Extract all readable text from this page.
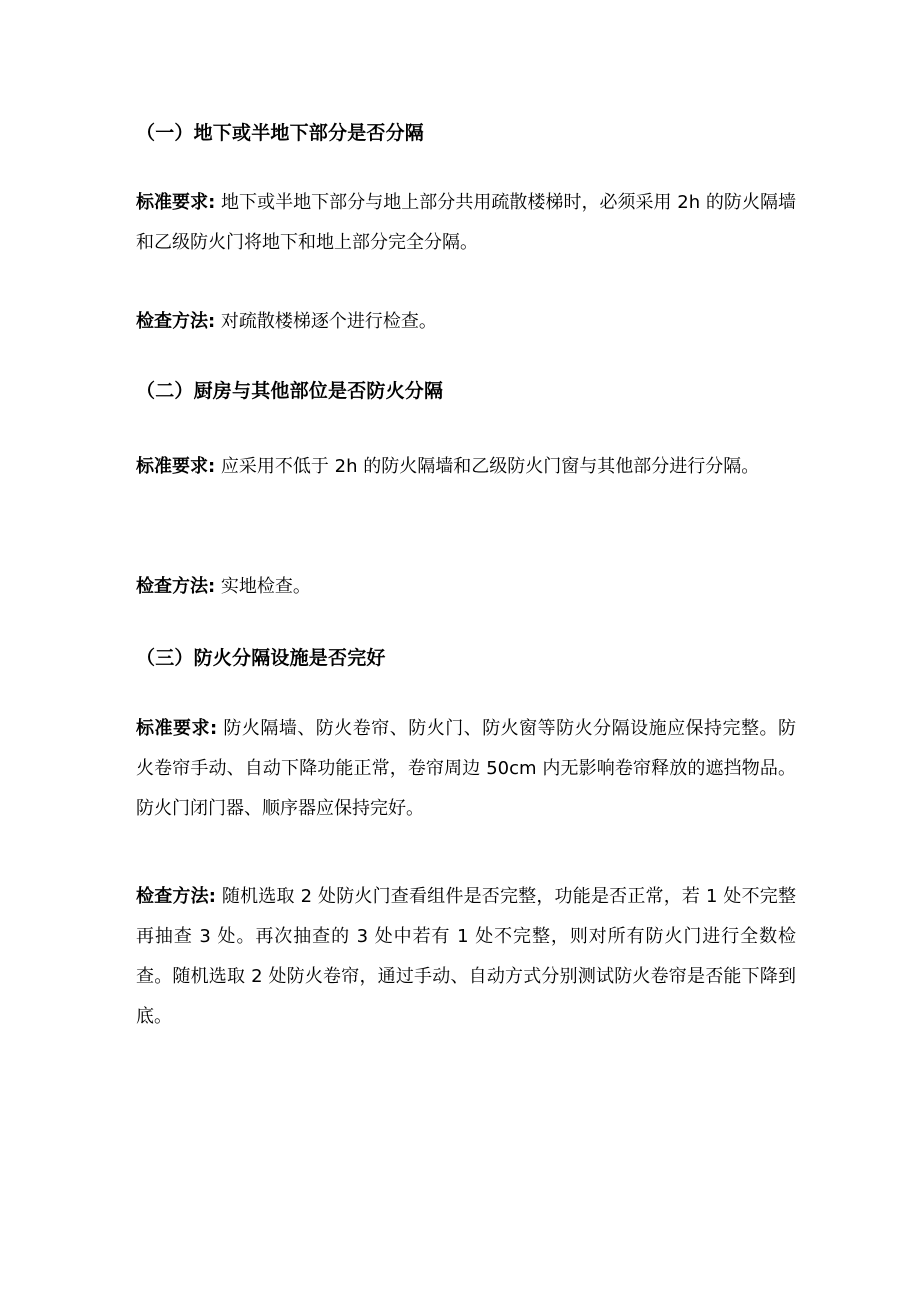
（一）地下或半地下部分是否分隔
标准要求: 地下或半地下部分与地上部分共用疏散楼梯时，必须采用 2h 的防火隔墙和乙级防火门将地下和地上部分完全分隔。
检查方法: 对疏散楼梯逐个进行检查。
（二）厨房与其他部位是否防火分隔
标准要求: 应采用不低于 2h 的防火隔墙和乙级防火门窗与其他部分进行分隔。
检查方法: 实地检查。
（三）防火分隔设施是否完好
标准要求: 防火隔墙、防火卷帘、防火门、防火窗等防火分隔设施应保持完整。防火卷帘手动、自动下降功能正常，卷帘周边 50cm 内无影响卷帘释放的遮挡物品。防火门闭门器、顺序器应保持完好。
检查方法: 随机选取 2 处防火门查看组件是否完整，功能是否正常，若 1 处不完整再抽查 3 处。再次抽查的 3 处中若有 1 处不完整，则对所有防火门进行全数检查。随机选取 2 处防火卷帘，通过手动、自动方式分别测试防火卷帘是否能下降到底。
